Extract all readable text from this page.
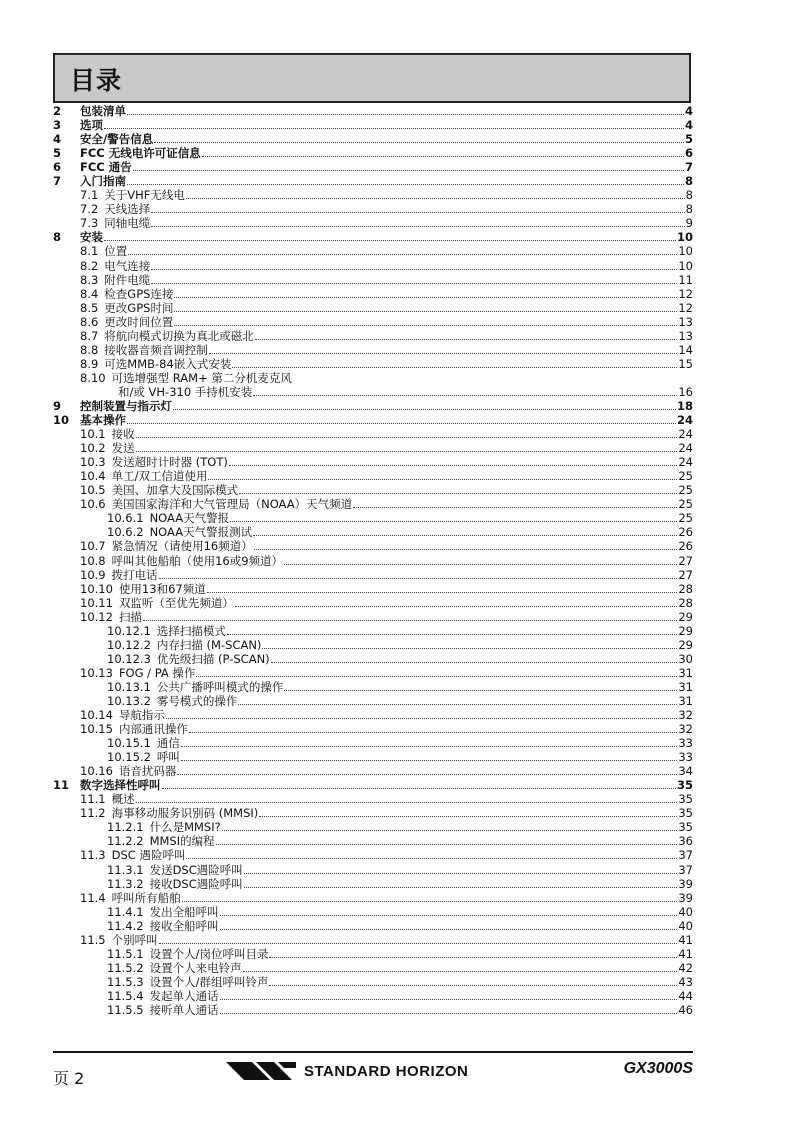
目录
2	包装清单	4
3	选项	4
4	安全/警告信息	5
5	FCC 无线电许可证信息	6
6	FCC 通告	7
7	入门指南	8
7.1 关于VHF无线电	8
7.2 天线选择	8
7.3 同轴电缆	9
8	安装	10
8.1 位置	10
8.2 电气连接	10
8.3 附件电缆	11
8.4 检查GPS连接	12
8.5 更改GPS时间	12
8.6 更改时间位置	13
8.7 将航向模式切换为真北或磁北	13
8.8 接收器音频音调控制	14
8.9 可选MMB-84嵌入式安装	15
8.10 可选增强型 RAM+ 第二分机麦克风
和/或 VH-310 手持机安装	16
9	控制装置与指示灯	18
10 基本操作	24
10.1 接收	24
10.2 发送	24
10.3 发送超时计时器 (TOT)	24
10.4 单工/双工信道使用	25
10.5 美国、加拿大及国际模式	25
10.6 美国国家海洋和大气管理局（NOAA）天气频道	25
10.6.1 NOAA天气警报	25
10.6.2 NOAA天气警报测试	26
10.7 紧急情况（请使用16频道）	26
10.8 呼叫其他船舶（使用16或9频道）	27
10.9 拨打电话	27
10.10 使用13和67频道	28
10.11 双监听（至优先频道）	28
10.12 扫描	29
10.12.1 选择扫描模式	29
10.12.2 内存扫描 (M-SCAN)	29
10.12.3 优先级扫描 (P-SCAN)	30
10.13 FOG / PA 操作	31
10.13.1 公共广播呼叫模式的操作	31
10.13.2 雾号模式的操作	31
10.14 导航指示	32
10.15 内部通讯操作	32
10.15.1 通信	33
10.15.2 呼叫	33
10.16 语音扰码器	34
11 数字选择性呼叫	35
11.1 概述	35
11.2 海事移动服务识别码 (MMSI)	35
11.2.1 什么是MMSI?	35
11.2.2 MMSI的编程	36
11.3 DSC 遇险呼叫	37
11.3.1 发送DSC遇险呼叫	37
11.3.2 接收DSC遇险呼叫	39
11.4 呼叫所有船舶	39
11.4.1 发出全船呼叫	40
11.4.2 接收全船呼叫	40
11.5 个别呼叫	41
11.5.1 设置个人/岗位呼叫目录	41
11.5.2 设置个人来电铃声	42
11.5.3 设置个人/群组呼叫铃声	43
11.5.4 发起单人通话	44
11.5.5 接听单人通话	46
页 2	STANDARD HORIZON	GX3000S
